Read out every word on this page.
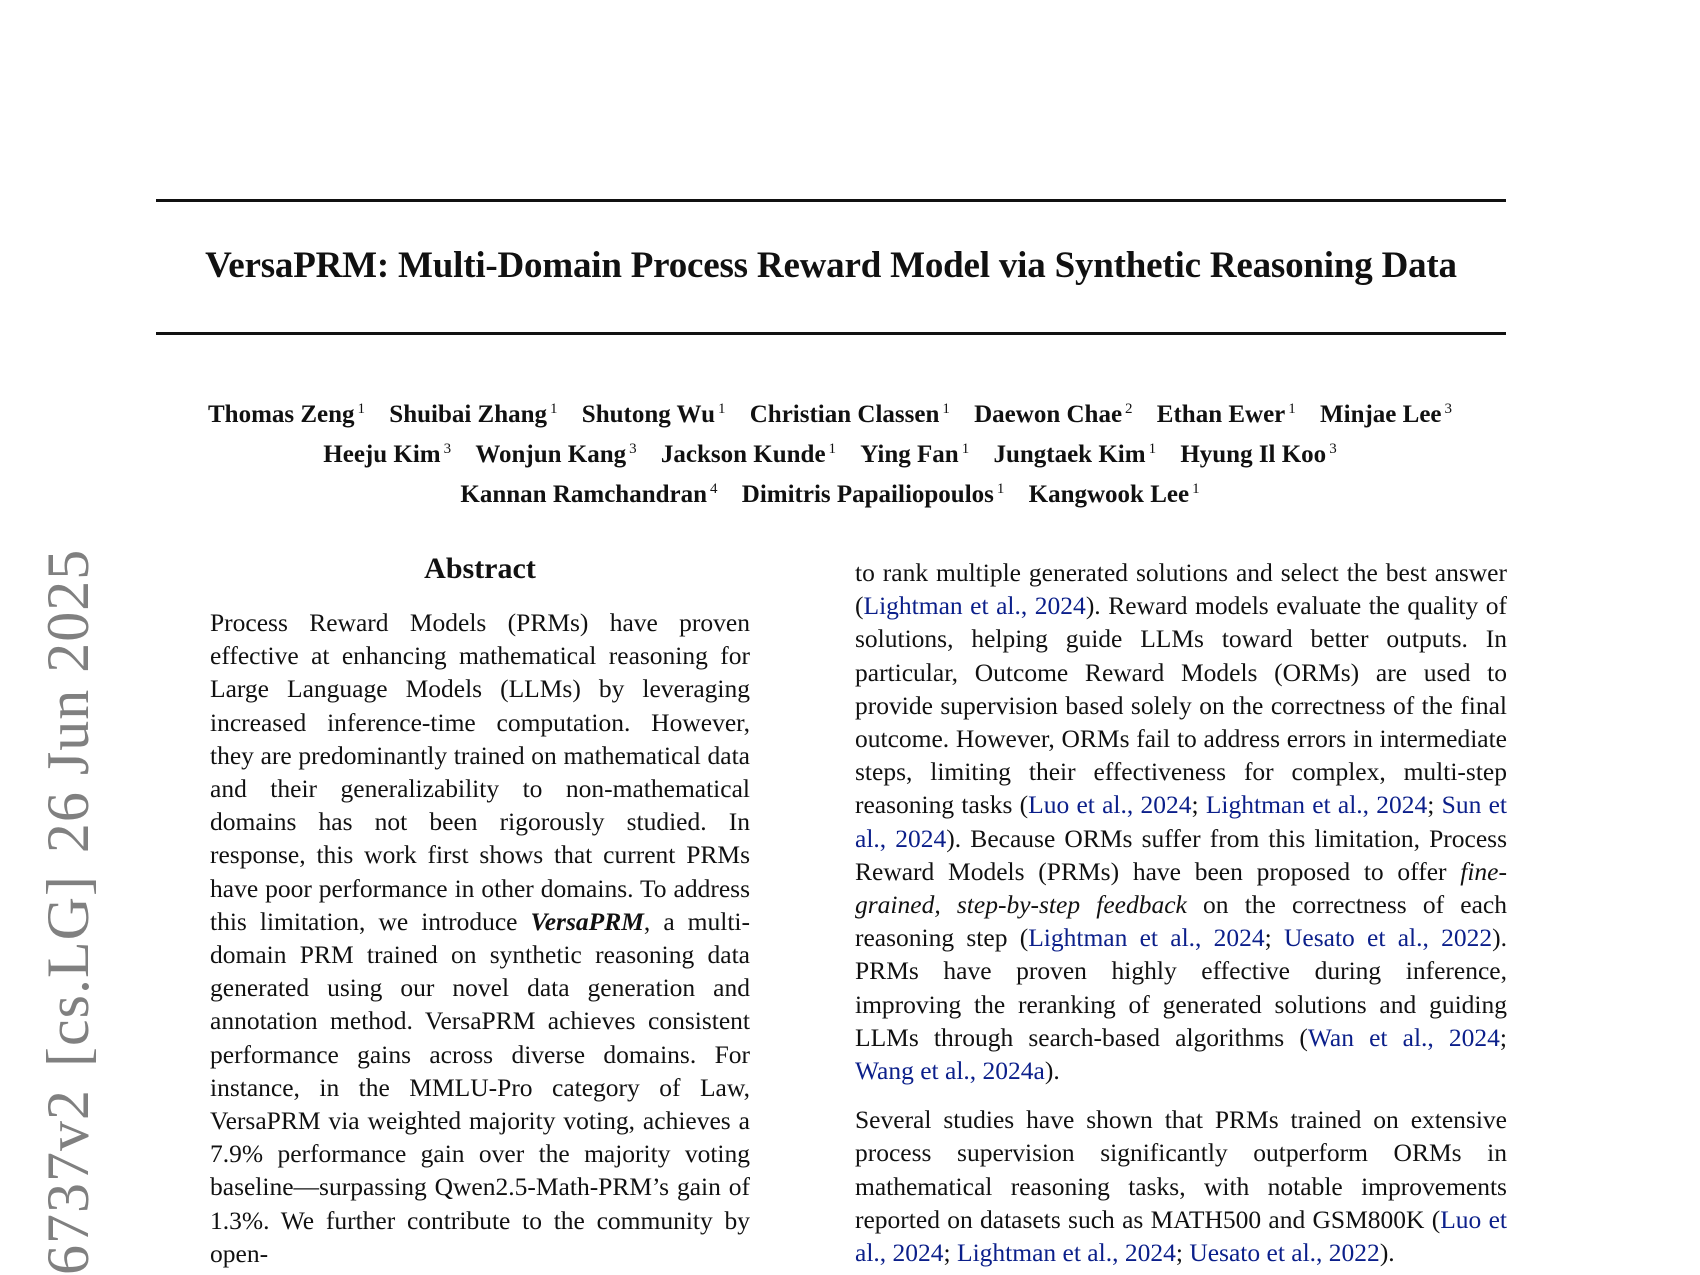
6737v2[cs.LG]26 Jun 2025
VersaPRM: Multi-Domain Process Reward Model via Synthetic Reasoning Data
Thomas Zeng $^1$ Shuibai Zhang $^1$ Shutong Wu $^1$ Christian Classen $^1$ Daewon Chae $^2$ Ethan Ewer $^1$ Minjae Lee $^3$
Heeju Kim $^3$ Wonjun Kang $^3$ Jackson Kunde $^1$ Ying Fan $^1$ Jungtaek Kim $^1$ Hyung Il Koo $^3$
Kannan Ramchandran $^4$ Dimitris Papailiopoulos $^1$ Kangwook Lee $^1$
Abstract

Process Reward Models (PRMs) have proven effective at enhancing mathematical reasoning for Large Language Models (LLMs) by leveraging increased inference-time computation. However, they are predominantly trained on mathematical data and their generalizability to non-mathematical domains has not been rigorously studied. In response, this work first shows that current PRMs have poor performance in other domains. To address this limitation, we introduce VersaPRM, a multi-domain PRM trained on synthetic reasoning data generated using our novel data generation and annotation method. VersaPRM achieves consistent performance gains across diverse domains. For instance, in the MMLU-Pro category of Law, VersaPRM via weighted majority voting, achieves a 7.9% performance gain over the majority voting baseline—surpassing Qwen2.5-Math-PRM’s gain of 1.3%. We further contribute to the community by open-

to rank multiple generated solutions and select the best answer (Lightman et al., 2024). Reward models evaluate the quality of solutions, helping guide LLMs toward better outputs. In particular, Outcome Reward Models (ORMs) are used to provide supervision based solely on the correctness of the final outcome. However, ORMs fail to address errors in intermediate steps, limiting their effectiveness for complex, multi-step reasoning tasks (Luo et al., 2024; Lightman et al., 2024; Sun et al., 2024). Because ORMs suffer from this limitation, Process Reward Models (PRMs) have been proposed to offer fine-grained, step-by-step feedback on the correctness of each reasoning step (Lightman et al., 2024; Uesato et al., 2022). PRMs have proven highly effective during inference, improving the reranking of generated solutions and guiding LLMs through search-based algorithms (Wan et al., 2024; Wang et al., 2024a).

Several studies have shown that PRMs trained on extensive process supervision significantly outperform ORMs in mathematical reasoning tasks, with notable improvements reported on datasets such as MATH500 and GSM800K (Luo et al., 2024; Lightman et al., 2024; Uesato et al., 2022).
